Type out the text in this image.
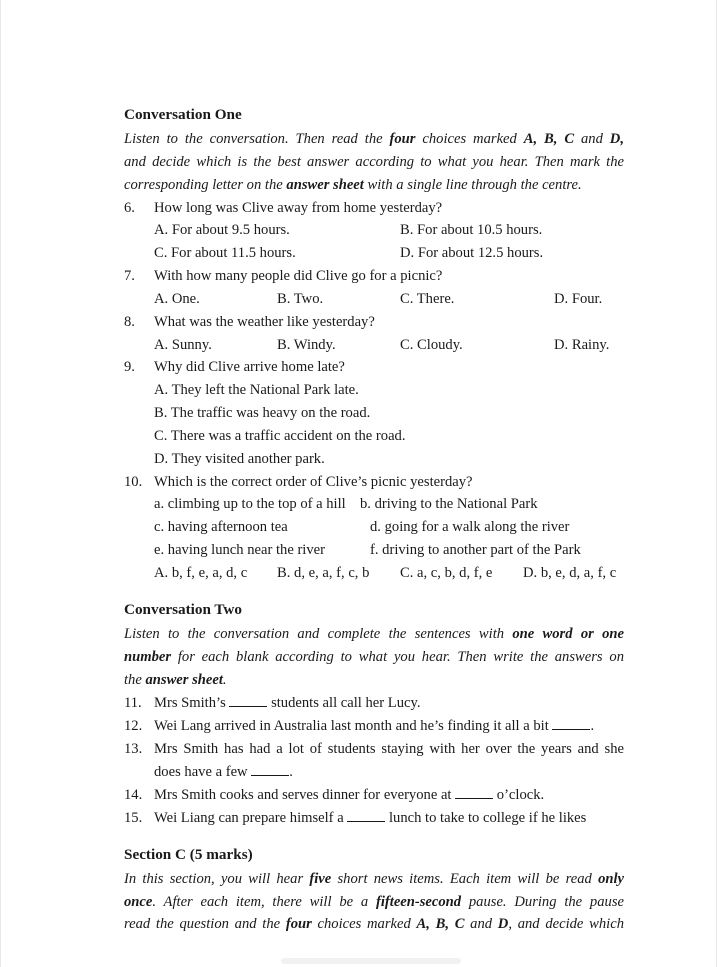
Conversation One
Listen to the conversation. Then read the four choices marked A, B, C and D,
and decide which is the best answer according to what you hear. Then mark the
corresponding letter on the answer sheet with a single line through the centre.
6.	How long was Clive away from home yesterday?
A. For about 9.5 hours.	B. For about 10.5 hours.
C. For about 11.5 hours.	D. For about 12.5 hours.
7.	With how many people did Clive go for a picnic?
A. One.	B. Two.	C. There.	D. Four.
8.	What was the weather like yesterday?
A. Sunny.	B. Windy.	C. Cloudy.	D. Rainy.
9.	Why did Clive arrive home late?
A. They left the National Park late.
B. The traffic was heavy on the road.
C. There was a traffic accident on the road.
D. They visited another park.
10. Which is the correct order of Clive’s picnic yesterday?
a. climbing up to the top of a hill b. driving to the National Park
c. having afternoon tea	d. going for a walk along the river
e. having lunch near the river	f. driving to another part of the Park
A. b, f, e, a, d, c B. d, e, a, f, c, b C. a, c, b, d, f, e D. b, e, d, a, f, c
Conversation Two
Listen to the conversation and complete the sentences with one word or one
number for each blank according to what you hear. Then write the answers on
the answer sheet.
11. Mrs Smith’s	students all call her Lucy.
12. Wei Lang arrived in Australia last month and he’s finding it all a bit	.
13. Mrs Smith has had a lot of students staying with her over the years and she
does have a few	.
14. Mrs Smith cooks and serves dinner for everyone at	o’clock.
15. Wei Liang can prepare himself a	lunch to take to college if he likes
Section C (5 marks)
In this section, you will hear five short news items. Each item will be read only
once. After each item, there will be a fifteen-second pause. During the pause
read the question and the four choices marked A, B, C and D, and decide which
